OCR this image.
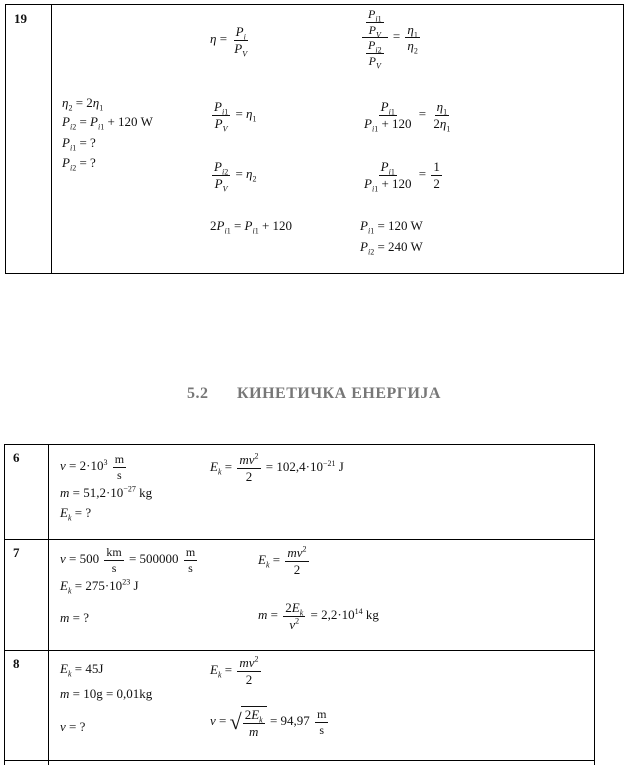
19
$\eta_2 = 2\eta_1$
$P_{i2} = P_{i1} + 120$ W
$P_{i1}$ = ?
$P_{i2}$ = ?
$\eta = \frac{P_i}{P_V}$	$\frac{\frac{P_{i1}}{P_V}}{\frac{P_{i2}}{P_V}} = \frac{\eta_1}{\eta_2}$
$\frac{P_{i1}}{P_V} = \eta_1$
$\frac{P_{i2}}{P_V} = \eta_2$
$2P_{i1} = P_{i1} + 120$
$\frac{P_{i1}}{P_{i1} + 120} = \frac{\eta_1}{2\eta_1}$
$\frac{P_{i1}}{P_{i1} + 120} = \frac{1}{2}$
$P_{i1} = 120$ W
$P_{i2} = 240$ W
5.2 КИНЕТИЧКА ЕНЕРГИЈА
6
$v = 2\cdot 10^3 \frac{m}{s}$
$m = 51,2\cdot 10^{-27}$ kg
$E_k$ = ?
$E_k = \frac{mv^2}{2} = 102,4\cdot 10^{-21}$ J
7	$v = 500 \frac{km}{s} = 500000 \frac{m}{s}$
$E_k = 275\cdot 10^{23}$ J
m = ?
$E_k = \frac{mv^2}{2}$
$m = \frac{2E_k}{v^2} = 2,2\cdot 10^{14}$ kg
8	$E_k = 45J$
m = 10g = 0,01kg
v = ?
$E_k = \frac{mv^2}{2}$
v = √ $\frac{2E_k}{m} = 94,97 \frac{m}{s}$
